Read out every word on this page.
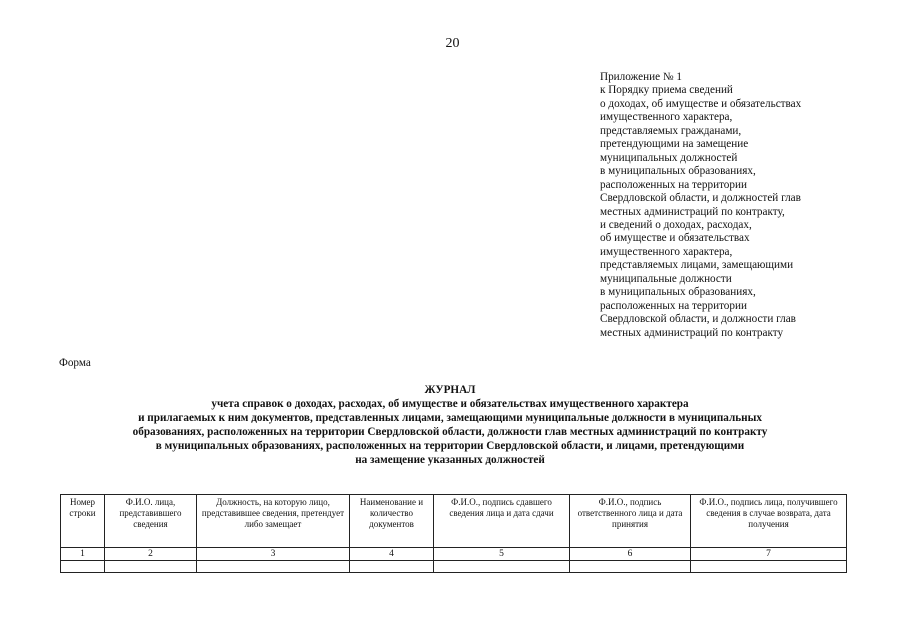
20
Приложение № 1
к Порядку приема сведений
о доходах, об имуществе и обязательствах
имущественного характера,
представляемых гражданами,
претендующими на замещение
муниципальных должностей
в муниципальных образованиях,
расположенных на территории
Свердловской области, и должностей глав
местных администраций по контракту,
и сведений о доходах, расходах,
об имуществе и обязательствах
имущественного характера,
представляемых лицами, замещающими
муниципальные должности
в муниципальных образованиях,
расположенных на территории
Свердловской области, и должности глав
местных администраций по контракту
Форма
ЖУРНАЛ
учета справок о доходах, расходах, об имуществе и обязательствах имущественного характера
и прилагаемых к ним документов, представленных лицами, замещающими муниципальные должности в муниципальных
образованиях, расположенных на территории Свердловской области, должности глав местных администраций по контракту
в муниципальных образованиях, расположенных на территории Свердловской области, и лицами, претендующими
на замещение указанных должностей
Номер строки	Ф.И.О. лица, представившего сведения	Должность, на которую лицо, представившее сведения, претендует либо замещает	Наименование и количество документов	Ф.И.О., подпись сдавшего сведения лица и дата сдачи	Ф.И.О., подпись ответственного лица и дата принятия	Ф.И.О., подпись лица, получившего сведения в случае возврата, дата получения
1	2	3	4	5	6	7
